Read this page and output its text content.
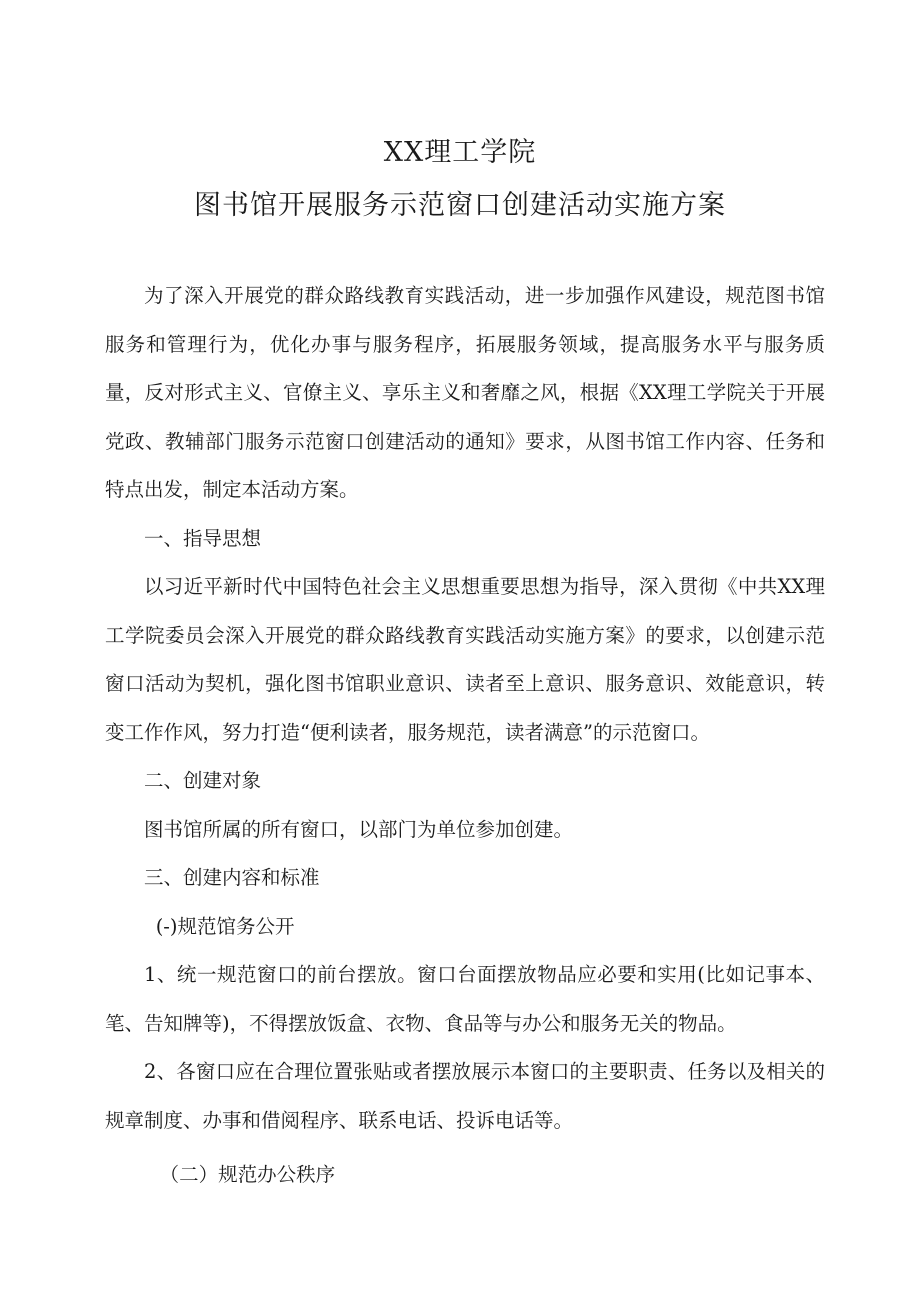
XX理工学院
图书馆开展服务示范窗口创建活动实施方案

为了深入开展党的群众路线教育实践活动，进一步加强作风建设，规范图书馆服务和管理行为，优化办事与服务程序，拓展服务领域，提高服务水平与服务质量，反对形式主义、官僚主义、享乐主义和奢靡之风，根据《XX理工学院关于开展党政、教辅部门服务示范窗口创建活动的通知》要求，从图书馆工作内容、任务和特点出发，制定本活动方案。

一、指导思想

以习近平新时代中国特色社会主义思想重要思想为指导，深入贯彻《中共XX理工学院委员会深入开展党的群众路线教育实践活动实施方案》的要求，以创建示范窗口活动为契机，强化图书馆职业意识、读者至上意识、服务意识、效能意识，转变工作作风，努力打造“便利读者，服务规范，读者满意”的示范窗口。

二、创建对象

图书馆所属的所有窗口，以部门为单位参加创建。

三、创建内容和标准

(-)规范馆务公开

1、统一规范窗口的前台摆放。窗口台面摆放物品应必要和实用(比如记事本、笔、告知牌等)，不得摆放饭盒、衣物、食品等与办公和服务无关的物品。

2、各窗口应在合理位置张贴或者摆放展示本窗口的主要职责、任务以及相关的规章制度、办事和借阅程序、联系电话、投诉电话等。

（二）规范办公秩序
